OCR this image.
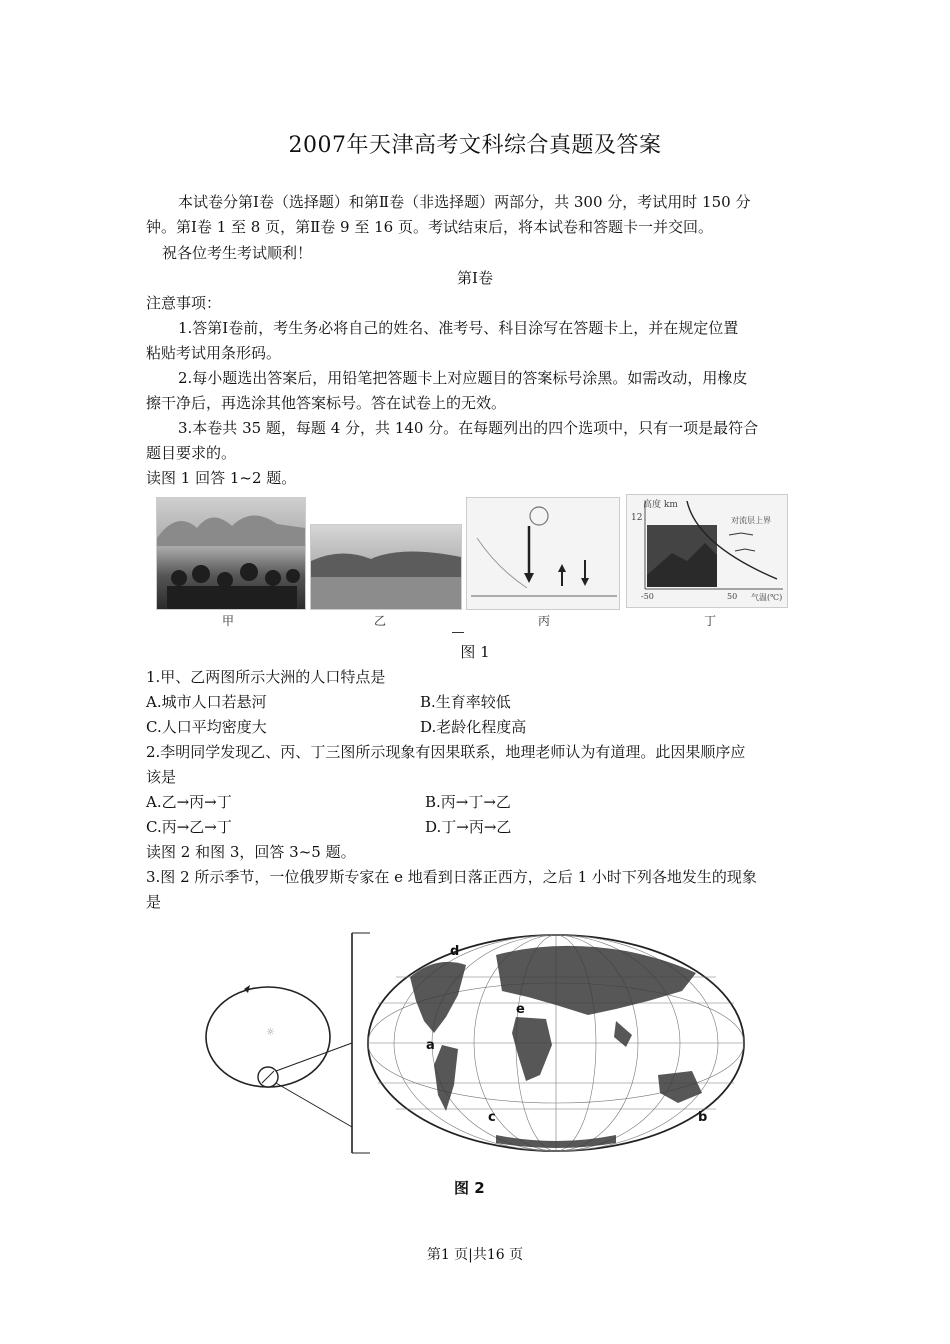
2007年天津高考文科综合真题及答案
本试卷分第Ⅰ卷（选择题）和第Ⅱ卷（非选择题）两部分，共 300 分，考试用时 150 分
钟。第Ⅰ卷 1 至 8 页，第Ⅱ卷 9 至 16 页。考试结束后，将本试卷和答题卡一并交回。
祝各位考生考试顺利！
第Ⅰ卷
注意事项：
1.答第Ⅰ卷前，考生务必将自己的姓名、准考号、科目涂写在答题卡上，并在规定位置
粘贴考试用条形码。
2.每小题选出答案后，用铅笔把答题卡上对应题目的答案标号涂黑。如需改动，用橡皮
擦干净后，再选涂其他答案标号。答在试卷上的无效。
3.本卷共 35 题，每题 4 分，共 140 分。在每题列出的四个选项中，只有一项是最符合
题目要求的。
读图 1 回答 1~2 题。
高度 km
12	对流层上界
-50	50 气温(℃)
甲	乙	丙	丁
图 1
1.甲、乙两图所示大洲的人口特点是
A.城市人口若悬河	B.生育率较低
C.人口平均密度大	D.老龄化程度高
2.李明同学发现乙、丙、丁三图所示现象有因果联系，地理老师认为有道理。此因果顺序应
该是
A.乙→丙→丁	B.丙→丁→乙
C.丙→乙→丁	D.丁→丙→乙
读图 2 和图 3，回答 3~5 题。
3.图 2 所示季节，一位俄罗斯专家在 e 地看到日落正西方，之后 1 小时下列各地发生的现象
是
☼
a
b
c
d
e
图 2
第1 页|共16 页
